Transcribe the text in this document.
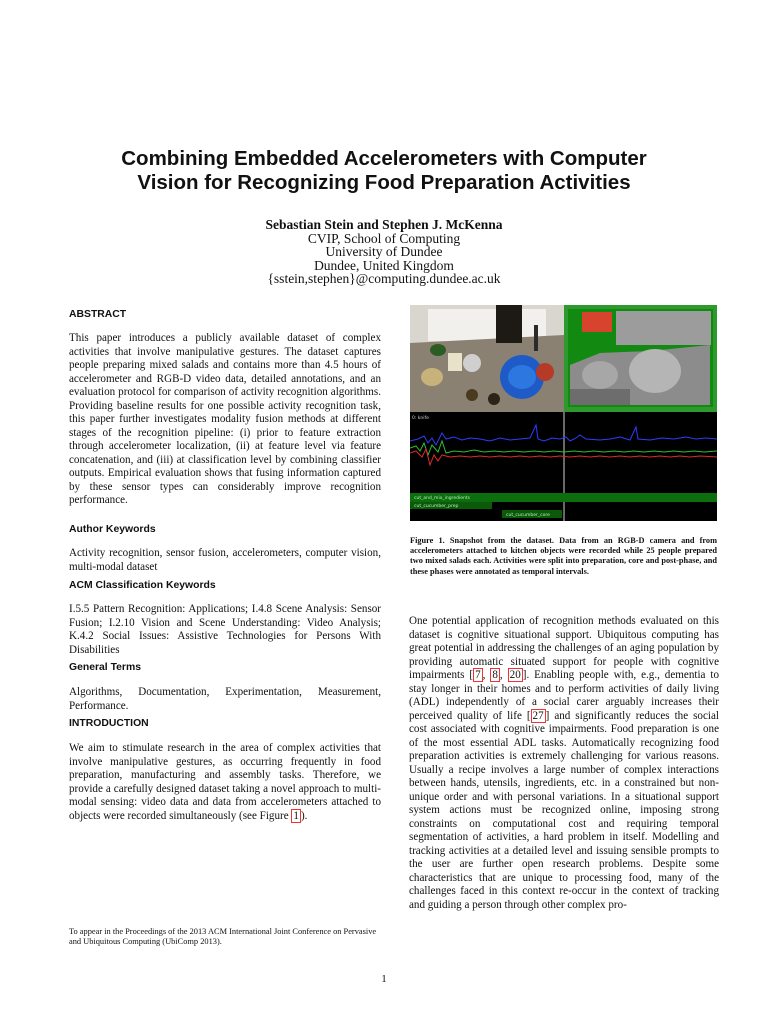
Combining Embedded Accelerometers with Computer
Vision for Recognizing Food Preparation Activities
Sebastian Stein and Stephen J. McKenna
CVIP, School of Computing
University of Dundee
Dundee, United Kingdom
{sstein,stephen}@computing.dundee.ac.uk
ABSTRACT

This paper introduces a publicly available dataset of complex activities that involve manipulative gestures. The dataset captures people preparing mixed salads and contains more than 4.5 hours of accelerometer and RGB-D video data, detailed annotations, and an evaluation protocol for comparison of activity recognition algorithms. Providing baseline results for one possible activity recognition task, this paper further investigates modality fusion methods at different stages of the recognition pipeline: (i) prior to feature extraction through accelerometer localization, (ii) at feature level via feature concatenation, and (iii) at classification level by combining classifier outputs. Empirical evaluation shows that fusing information captured by these sensor types can considerably improve recognition performance.

Author Keywords

Activity recognition, sensor fusion, accelerometers, computer vision, multi-modal dataset

ACM Classification Keywords

I.5.5 Pattern Recognition: Applications; I.4.8 Scene Analysis: Sensor Fusion; I.2.10 Vision and Scene Understanding: Video Analysis; K.4.2 Social Issues: Assistive Technologies for Persons With Disabilities

General Terms

Algorithms, Documentation, Experimentation, Measurement, Performance.

INTRODUCTION

We aim to stimulate research in the area of complex activities that involve manipulative gestures, as occurring frequently in food preparation, manufacturing and assembly tasks. Therefore, we provide a carefully designed dataset taking a novel approach to multi-modal sensing: video data and data from accelerometers attached to objects were recorded simultaneously (see Figure 1 ).

To appear in the Proceedings of the 2013 ACM International Joint Conference on Pervasive and Ubiquitous Computing (UbiComp 2013).
0: knife
cut_and_mix_ingredients
cut_cucumber_prep
cut_cucumber_core
Figure 1. Snapshot from the dataset. Data from an RGB-D camera and from accelerometers attached to kitchen objects were recorded while 25 people prepared two mixed salads each. Activities were split into preparation, core and post-phase, and these phases were annotated as temporal intervals.

One potential application of recognition methods evaluated on this dataset is cognitive situational support. Ubiquitous computing has great potential in addressing the challenges of an aging population by providing automatic situated support for people with cognitive impairments [ 7 , 8 , 20 ]. Enabling people with, e.g., dementia to stay longer in their homes and to perform activities of daily living (ADL) independently of a social carer arguably increases their perceived quality of life [ 27 ] and significantly reduces the social cost associated with cognitive impairments. Food preparation is one of the most essential ADL tasks. Automatically recognizing food preparation activities is extremely challenging for various reasons. Usually a recipe involves a large number of complex interactions between hands, utensils, ingredients, etc. in a constrained but non-unique order and with personal variations. In a situational support system actions must be recognized online, imposing strong constraints on computational cost and requiring temporal segmentation of activities, a hard problem in itself. Modelling and tracking activities at a detailed level and issuing sensible prompts to the user are further open research problems. Despite some characteristics that are unique to processing food, many of the challenges faced in this context re-occur in the context of tracking and guiding a person through other complex pro-

1
